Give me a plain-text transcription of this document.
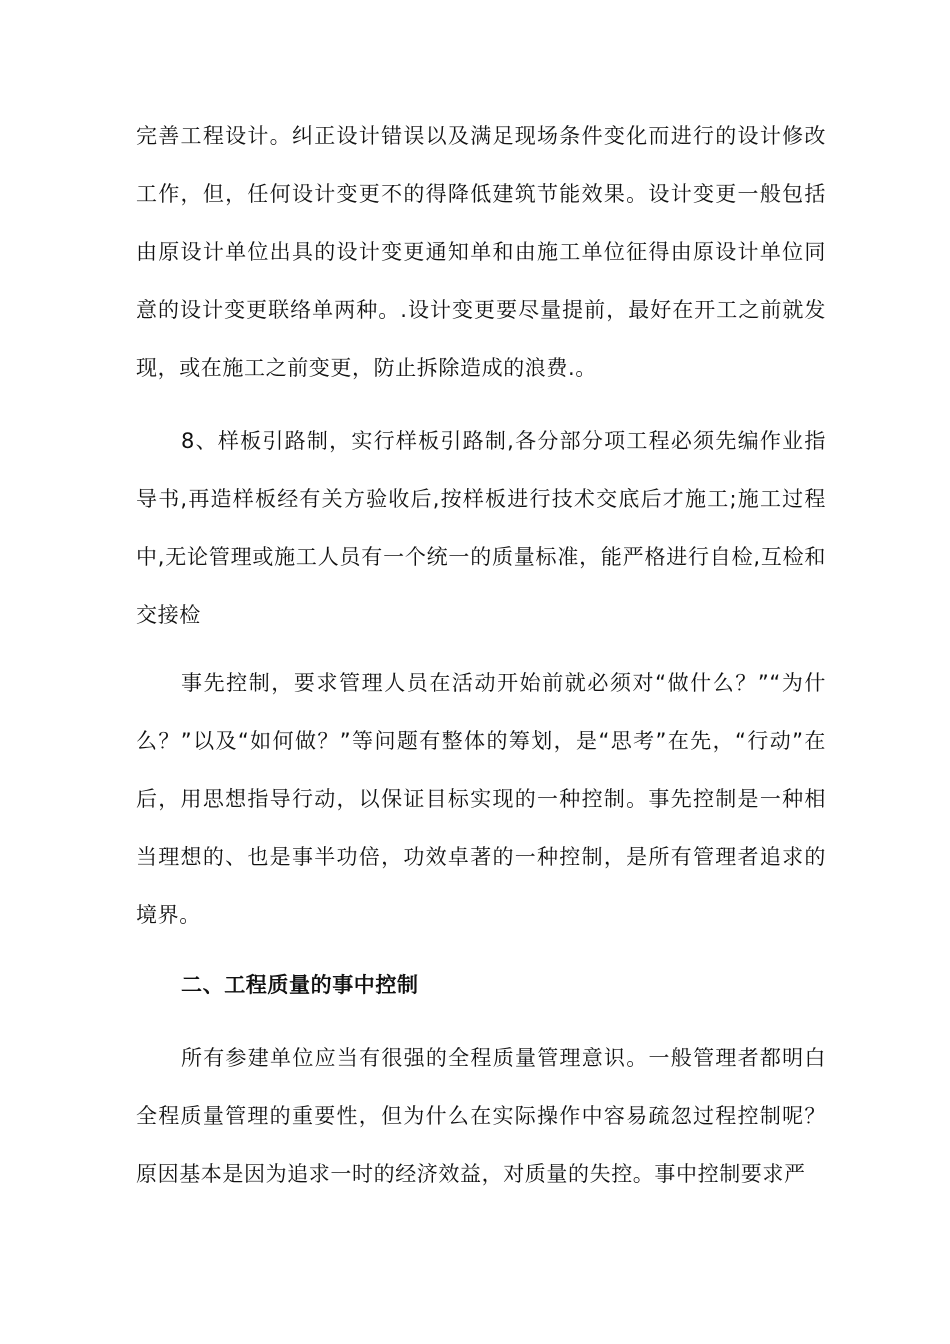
完善工程设计。纠正设计错误以及满足现场条件变化而进行的设计修改工作，但，任何设计变更不的得降低建筑节能效果。设计变更一般包括由原设计单位出具的设计变更通知单和由施工单位征得由原设计单位同意的设计变更联络单两种。.设计变更要尽量提前，最好在开工之前就发现，或在施工之前变更，防止拆除造成的浪费.。

8、样板引路制，实行样板引路制,各分部分项工程必须先编作业指导书,再造样板经有关方验收后,按样板进行技术交底后才施工;施工过程中,无论管理或施工人员有一个统一的质量标准，能严格进行自检,互检和交接检

事先控制，要求管理人员在活动开始前就必须对“做什么？”“为什么？”以及“如何做？”等问题有整体的筹划，是“思考”在先，“行动”在后，用思想指导行动，以保证目标实现的一种控制。事先控制是一种相当理想的、也是事半功倍，功效卓著的一种控制，是所有管理者追求的境界。

二、工程质量的事中控制

所有参建单位应当有很强的全程质量管理意识。一般管理者都明白全程质量管理的重要性，但为什么在实际操作中容易疏忽过程控制呢？原因基本是因为追求一时的经济效益，对质量的失控。事中控制要求严
